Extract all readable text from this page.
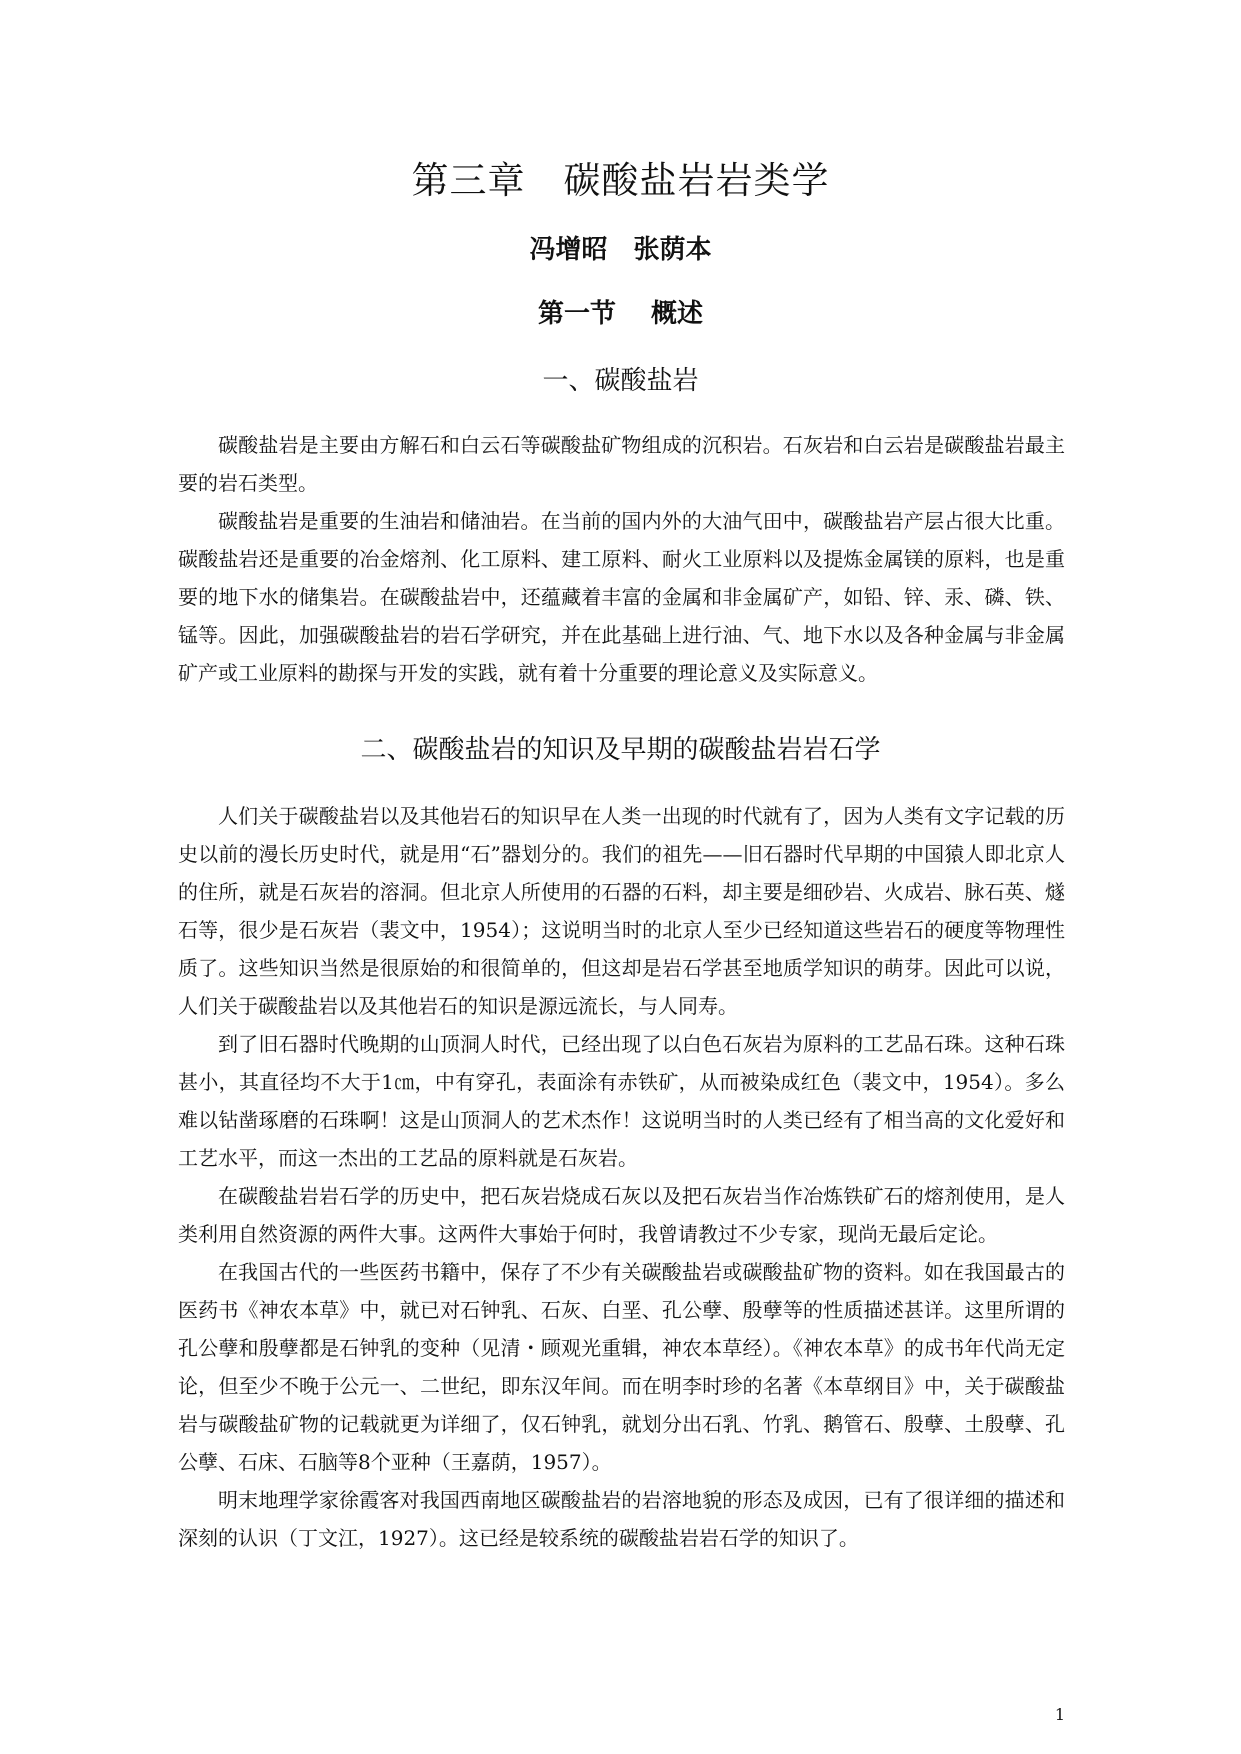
第三章　碳酸盐岩岩类学
冯增昭　张荫本
第一节　 概述
一、碳酸盐岩

碳酸盐岩是主要由方解石和白云石等碳酸盐矿物组成的沉积岩。石灰岩和白云岩是碳酸盐岩最主要的岩石类型。

碳酸盐岩是重要的生油岩和储油岩。在当前的国内外的大油气田中，碳酸盐岩产层占很大比重。碳酸盐岩还是重要的冶金熔剂、化工原料、建工原料、耐火工业原料以及提炼金属镁的原料，也是重要的地下水的储集岩。在碳酸盐岩中，还蕴藏着丰富的金属和非金属矿产，如铅、锌、汞、磷、铁、锰等。因此，加强碳酸盐岩的岩石学研究，并在此基础上进行油、气、地下水以及各种金属与非金属矿产或工业原料的勘探与开发的实践，就有着十分重要的理论意义及实际意义。

二、碳酸盐岩的知识及早期的碳酸盐岩岩石学

人们关于碳酸盐岩以及其他岩石的知识早在人类一出现的时代就有了，因为人类有文字记载的历史以前的漫长历史时代，就是用“石”器划分的。我们的祖先——旧石器时代早期的中国猿人即北京人的住所，就是石灰岩的溶洞。但北京人所使用的石器的石料，却主要是细砂岩、火成岩、脉石英、燧石等，很少是石灰岩（裴文中，1954）；这说明当时的北京人至少已经知道这些岩石的硬度等物理性质了。这些知识当然是很原始的和很简单的，但这却是岩石学甚至地质学知识的萌芽。因此可以说，人们关于碳酸盐岩以及其他岩石的知识是源远流长，与人同寿。

到了旧石器时代晚期的山顶洞人时代，已经出现了以白色石灰岩为原料的工艺品石珠。这种石珠甚小，其直径均不大于1㎝，中有穿孔，表面涂有赤铁矿，从而被染成红色（裴文中，1954）。多么难以钻凿琢磨的石珠啊！这是山顶洞人的艺术杰作！这说明当时的人类已经有了相当高的文化爱好和工艺水平，而这一杰出的工艺品的原料就是石灰岩。

在碳酸盐岩岩石学的历史中，把石灰岩烧成石灰以及把石灰岩当作冶炼铁矿石的熔剂使用，是人类利用自然资源的两件大事。这两件大事始于何时，我曾请教过不少专家，现尚无最后定论。

在我国古代的一些医药书籍中，保存了不少有关碳酸盐岩或碳酸盐矿物的资料。如在我国最古的医药书《神农本草》中，就已对石钟乳、石灰、白垩、孔公孽、殷孽等的性质描述甚详。这里所谓的孔公孽和殷孽都是石钟乳的变种（见清・顾观光重辑，神农本草经）。《神农本草》的成书年代尚无定论，但至少不晚于公元一、二世纪，即东汉年间。而在明李时珍的名著《本草纲目》中，关于碳酸盐岩与碳酸盐矿物的记载就更为详细了，仅石钟乳，就划分出石乳、竹乳、鹅管石、殷孽、土殷孽、孔公孽、石床、石脑等8个亚种（王嘉荫，1957）。

明末地理学家徐霞客对我国西南地区碳酸盐岩的岩溶地貌的形态及成因，已有了很详细的描述和深刻的认识（丁文江，1927）。这已经是较系统的碳酸盐岩岩石学的知识了。

1
